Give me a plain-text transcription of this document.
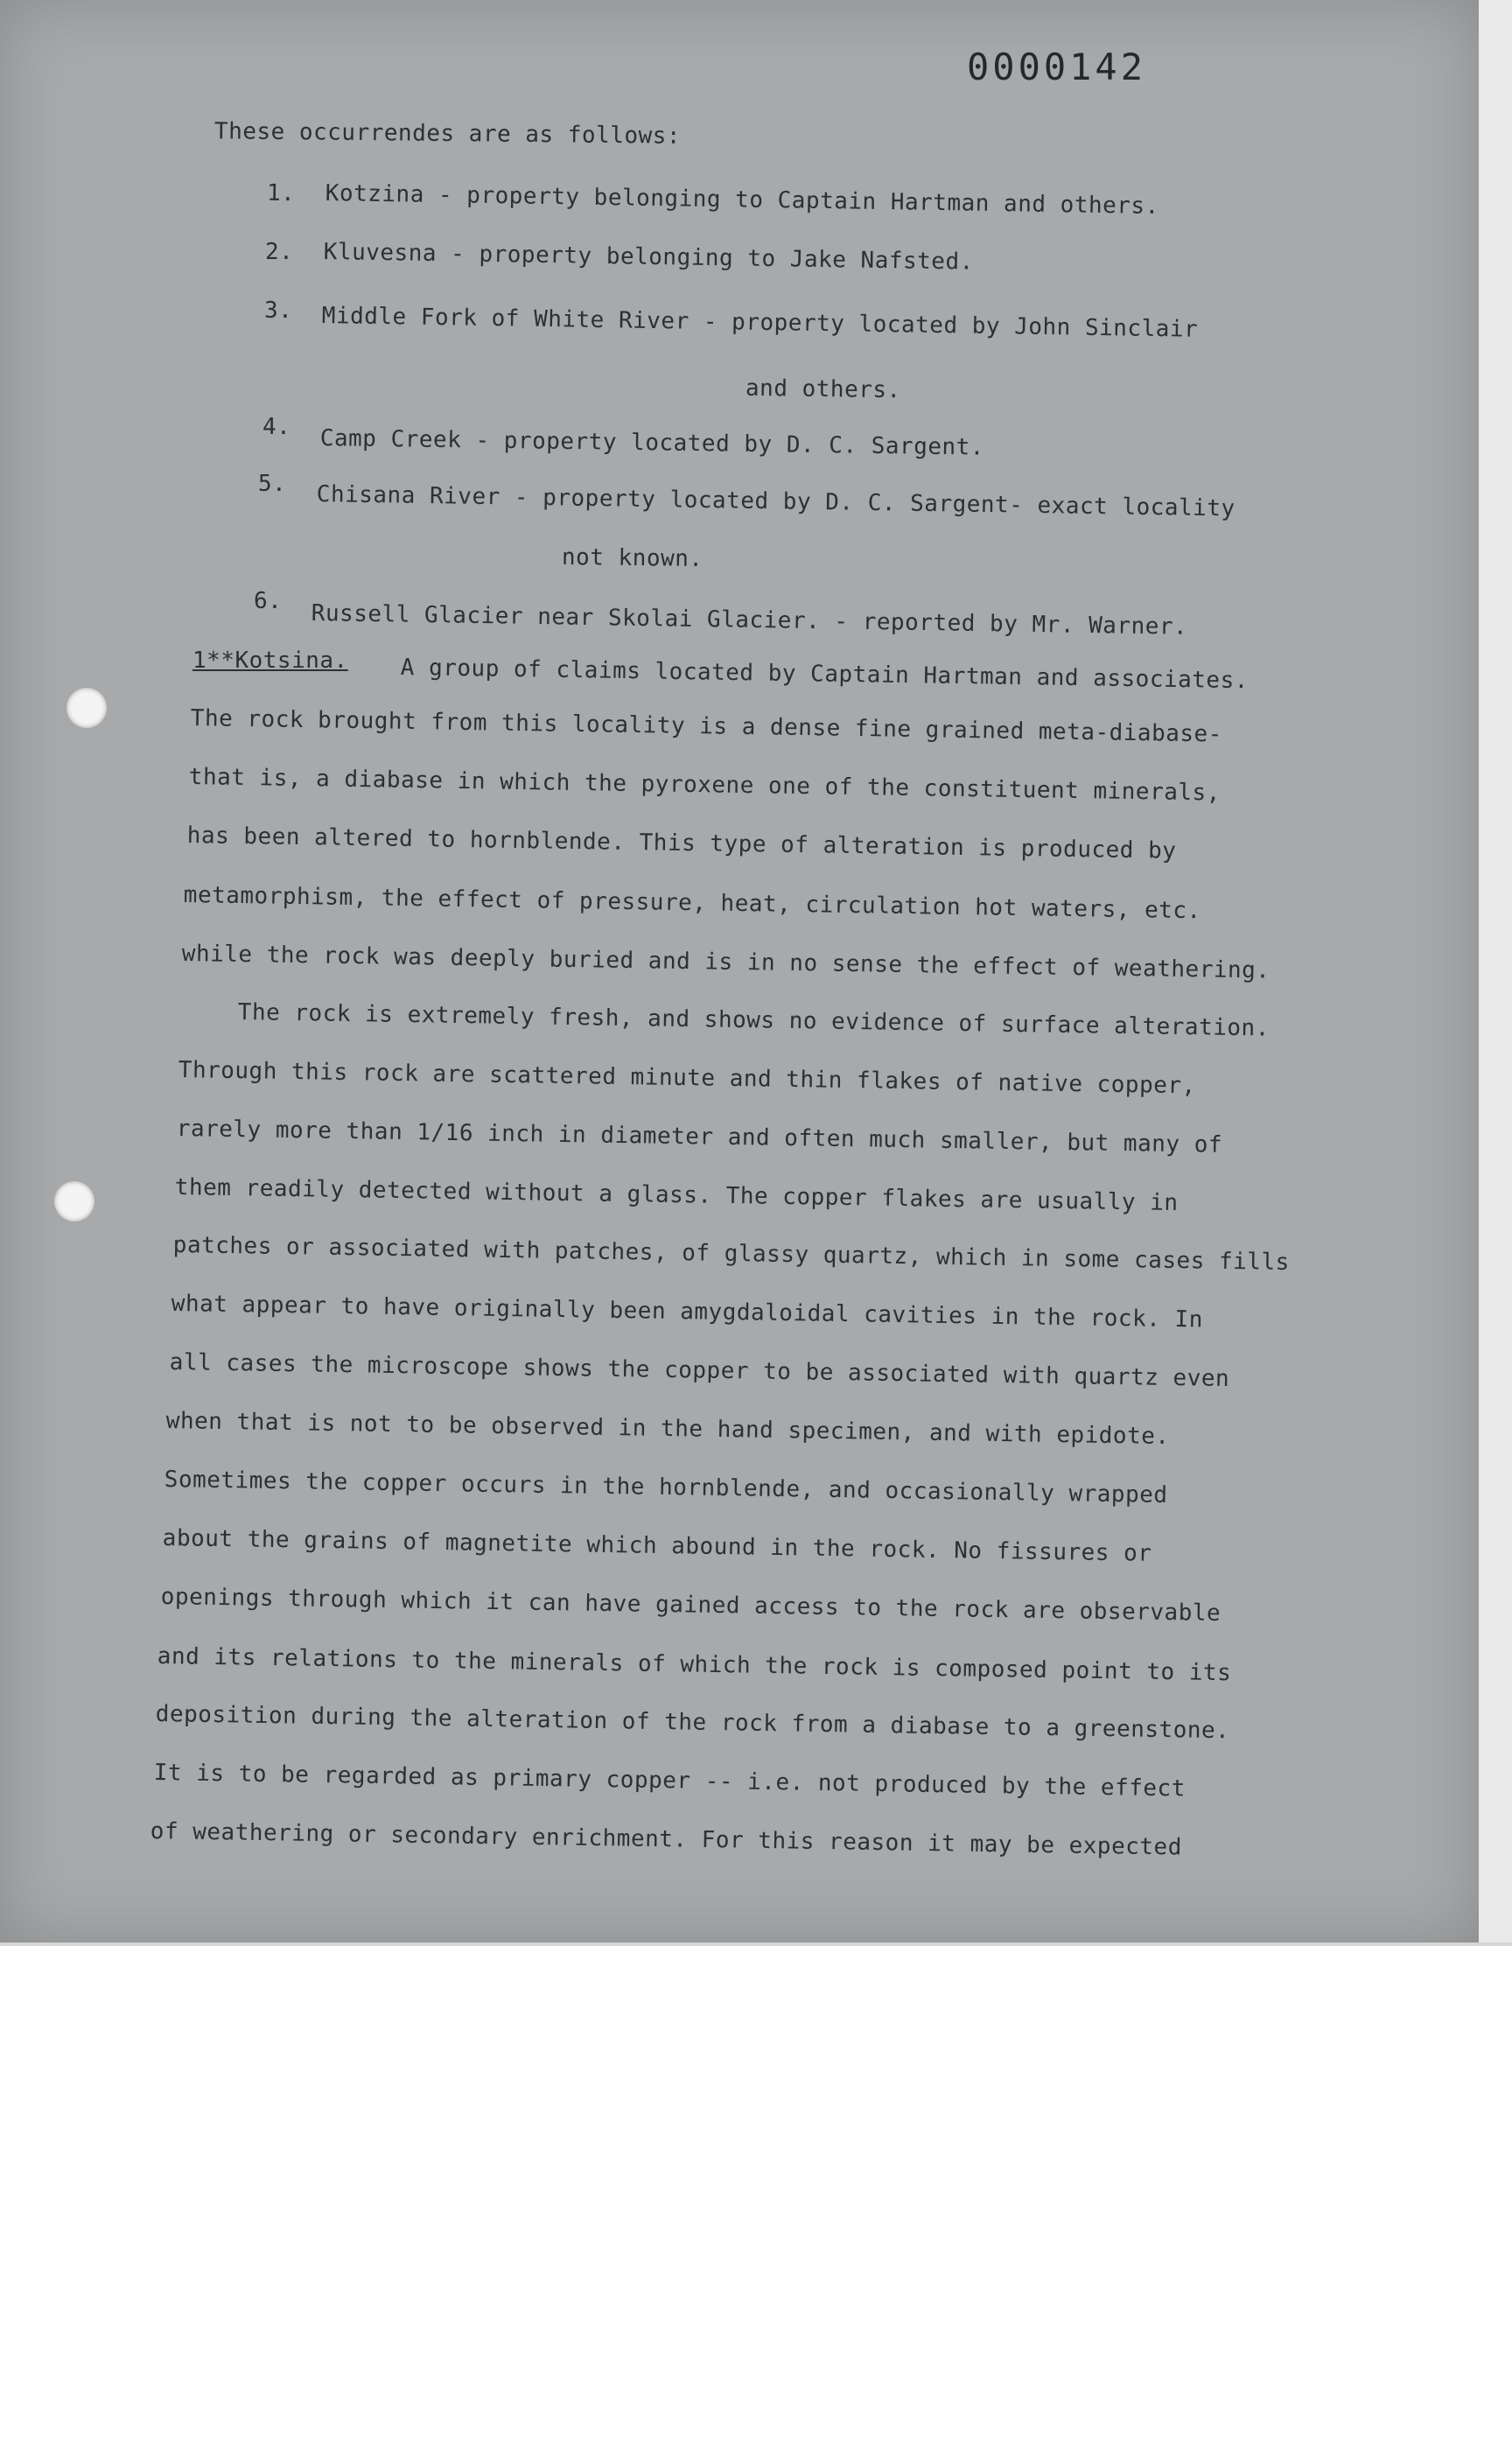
0000142
These occurrendes are as follows:
1. Kotzina - property belonging to Captain Hartman and others.
2. Kluvesna - property belonging to Jake Nafsted.
3. Middle Fork of White River - property located by John Sinclair
and others.
4. Camp Creek - property located by D. C. Sargent.
5. Chisana River - property located by D. C. Sargent- exact locality
not known.
6. Russell Glacier near Skolai Glacier. - reported by Mr. Warner.
1**Kotsina. A group of claims located by Captain Hartman and associates.
The rock brought from this locality is a dense fine grained meta-diabase-
that is, a diabase in which the pyroxene one of the constituent minerals,
has been altered to hornblende. This type of alteration is produced by
metamorphism, the effect of pressure, heat, circulation hot waters, etc.
while the rock was deeply buried and is in no sense the effect of weathering.
The rock is extremely fresh, and shows no evidence of surface alteration.
Through this rock are scattered minute and thin flakes of native copper,
rarely more than 1/16 inch in diameter and often much smaller, but many of
them readily detected without a glass. The copper flakes are usually in
patches or associated with patches, of glassy quartz, which in some cases fills
what appear to have originally been amygdaloidal cavities in the rock. In
all cases the microscope shows the copper to be associated with quartz even
when that is not to be observed in the hand specimen, and with epidote.
Sometimes the copper occurs in the hornblende, and occasionally wrapped
about the grains of magnetite which abound in the rock. No fissures or
openings through which it can have gained access to the rock are observable
and its relations to the minerals of which the rock is composed point to its
deposition during the alteration of the rock from a diabase to a greenstone.
It is to be regarded as primary copper -- i.e. not produced by the effect
of weathering or secondary enrichment. For this reason it may be expected
